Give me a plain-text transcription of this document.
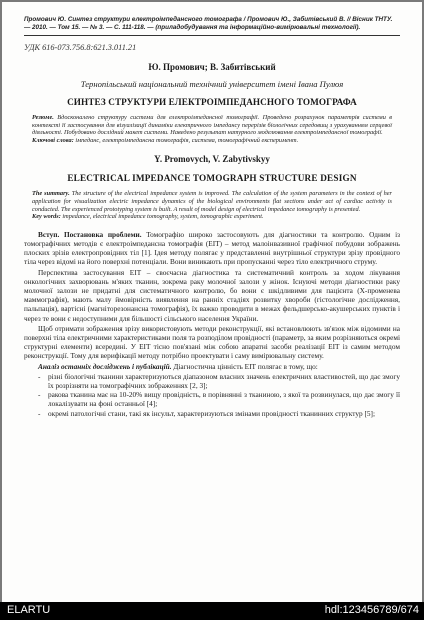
Промович Ю. Синтез структури електроімпедансного томографа / Промович Ю., Забитівський В. // Вісник ТНТУ. — 2010. — Том 15. — № 3. — С. 111-118. — (приладобудування та інформаційно-вимірювальні технології).
УДК 616-073.756.8:621.3.011.21
Ю. Промович; В. Забитівський
Тернопільський національний технічний університет імені Івана Пулюя
СИНТЕЗ СТРУКТУРИ ЕЛЕКТРОІМПЕДАНСНОГО ТОМОГРАФА
Резюме. Вдосконалено структуру системи для електроімпедансної томографії. Проведено розрахунок параметрів системи в контексті її застосування для візуалізації динаміки електричного імпедансу перерізів біологічних середовищ з урахуванням серцевої діяльності. Побудовано дослідний макет системи. Наведено результат натурного моделювання електроімпедансної томографії.
Ключові слова: імпеданс, електроімпедансна томографія, система, томографічний експеримент.
Y. Promovych, V. Zabytivskyy
ELECTRICAL IMPEDANCE TOMOGRAPH STRUCTURE DESIGN
The summary. The structure of the electrical impedance system is improved. The calculation of the system parameters in the context of her application for visualization electric impedance dynamics of the biological environments flat sections under act of cardiac activity is conducted. The experienced prototyping system is built. A result of model design of electrical impedance tomography is presented.
Key words: impedance, electrical impedance tomography, system, tomographic experiment.

Вступ. Постановка проблеми. Томографію широко застосовують для діагностики та контролю. Одним із томографічних методів є електроімпедансна томографія (ЕІТ) – метод малоінвазивної графічної побудови зображень плоских зрізів електропровідних тіл [1]. Ідея методу полягає у представленні внутрішньої структури зрізу провідного тіла через відомі на його поверхні потенціали. Вони виникають при пропусканні через тіло електричного струму.

Перспектива застосування ЕІТ – своєчасна діагностика та систематичний контроль за ходом лікування онкологічних захворювань м'яких тканин, зокрема раку молочної залози у жінок. Існуючі методи діагностики раку молочної залози не придатні для систематичного контролю, бо вони є шкідливими для пацієнта (Х-променева маммографія), мають малу ймовірність виявлення на ранніх стадіях розвитку хвороби (гістологічне дослідження, пальпація), вартісні (магніторезонансна томографія), їх важко проводити в межах фельдшерсько-акушерських пунктів і через те вони є недоступними для більшості сільського населення України.

Щоб отримати зображення зрізу використовують методи реконструкції, які встановлюють зв'язок між відомими на поверхні тіла електричними характеристиками поля та розподілом провідності (параметр, за яким розрізняються окремі структурні елементи) всередині. У ЕІТ тісно пов'язані між собою апаратні засоби реалізації ЕІТ із самим методом реконструкції. Тому для верифікації методу потрібно проектувати і саму вимірювальну систему.

Аналіз останніх досліджень і публікацій. Діагностична цінність ЕІТ полягає в тому, що:

- різні біологічні тканини характеризуються діапазоном власних значень електричних властивостей, що дає змогу їх розрізняти на томографічних зображеннях [2, 3];
- ракова тканина має на 10-20% вищу провідність, в порівнянні з тканиною, з якої та розвинулася, що дає змогу її локалізувати на фоні останньої [4];
- окремі патологічні стани, такі як інсульт, характеризуються змінами провідності тканинних структур [5];
ELARTU	hdl:123456789/674
